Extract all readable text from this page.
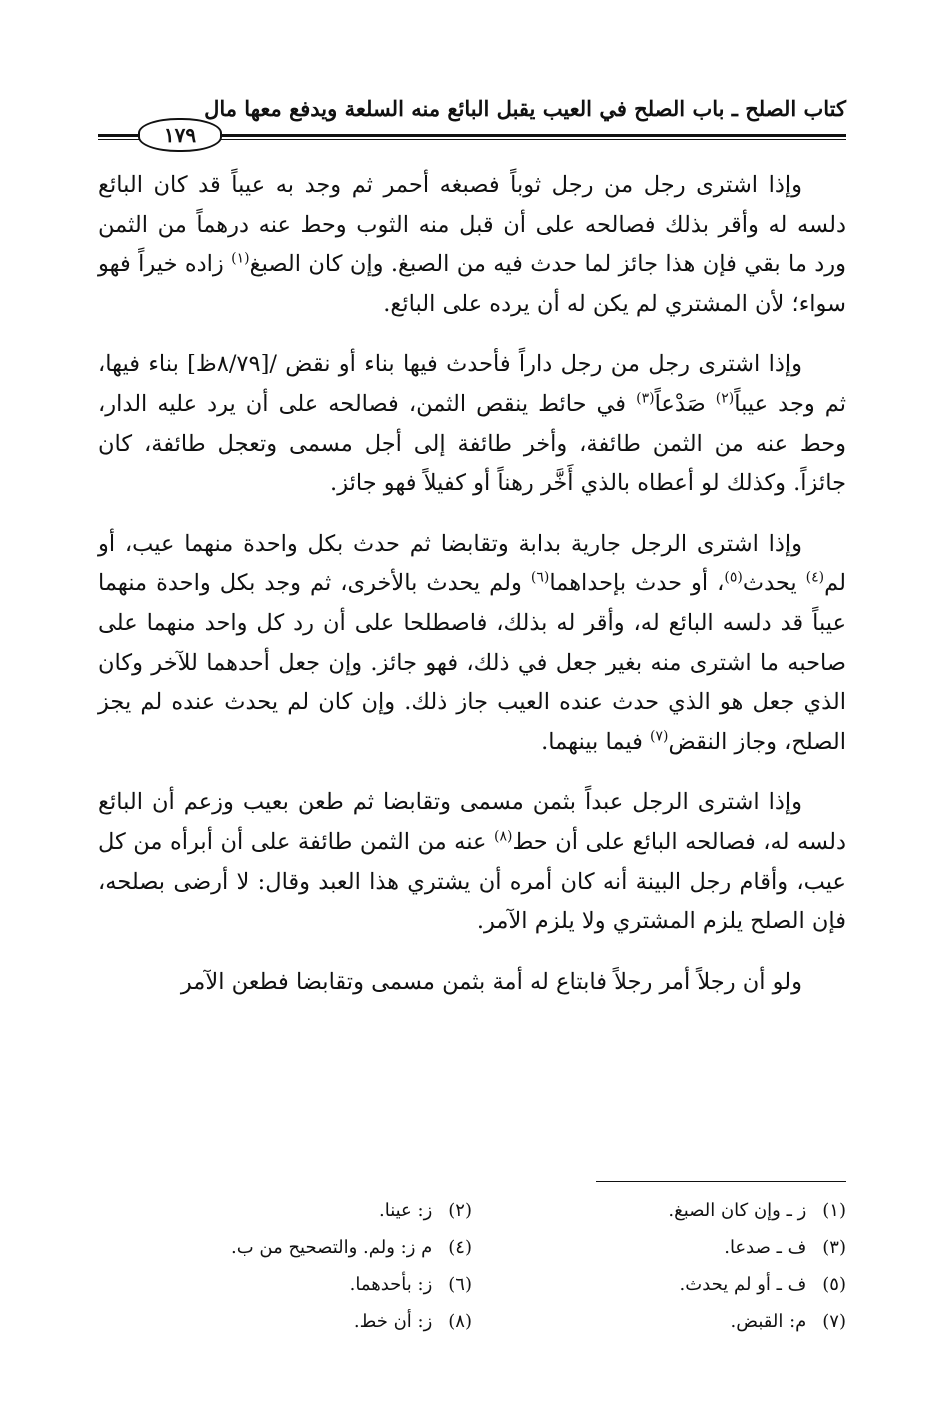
كتاب الصلح ـ باب الصلح في العيب يقبل البائع منه السلعة ويدفع معها مال
١٧٩

وإذا اشترى رجل من رجل ثوباً فصبغه أحمر ثم وجد به عيباً قد كان البائع دلسه له وأقر بذلك فصالحه على أن قبل منه الثوب وحط عنه درهماً من الثمن ورد ما بقي فإن هذا جائز لما حدث فيه من الصبغ. وإن كان الصبغ$^{(١)}$ زاده خيراً فهو سواء؛ لأن المشتري لم يكن له أن يرده على البائع.

وإذا اشترى رجل من رجل داراً فأحدث فيها بناء أو نقض /[٨/٧٩ظ] بناء فيها، ثم وجد عيباً$^{(٢)}$ صَدْعاً$^{(٣)}$ في حائط ينقص الثمن، فصالحه على أن يرد عليه الدار، وحط عنه من الثمن طائفة، وأخر طائفة إلى أجل مسمى وتعجل طائفة، كان جائزاً. وكذلك لو أعطاه بالذي أَخَّر رهناً أو كفيلاً فهو جائز.

وإذا اشترى الرجل جارية بدابة وتقابضا ثم حدث بكل واحدة منهما عيب، أو لم$^{(٤)}$ يحدث$^{(٥)}$، أو حدث بإحداهما$^{(٦)}$ ولم يحدث بالأخرى، ثم وجد بكل واحدة منهما عيباً قد دلسه البائع له، وأقر له بذلك، فاصطلحا على أن رد كل واحد منهما على صاحبه ما اشترى منه بغير جعل في ذلك، فهو جائز. وإن جعل أحدهما للآخر وكان الذي جعل هو الذي حدث عنده العيب جاز ذلك. وإن كان لم يحدث عنده لم يجز الصلح، وجاز النقض$^{(٧)}$ فيما بينهما.

وإذا اشترى الرجل عبداً بثمن مسمى وتقابضا ثم طعن بعيب وزعم أن البائع دلسه له، فصالحه البائع على أن حط$^{(٨)}$ عنه من الثمن طائفة على أن أبرأه من كل عيب، وأقام رجل البينة أنه كان أمره أن يشتري هذا العبد وقال: لا أرضى بصلحه، فإن الصلح يلزم المشتري ولا يلزم الآمر.

ولو أن رجلاً أمر رجلاً فابتاع له أمة بثمن مسمى وتقابضا فطعن الآمر

(١) ز ـ وإن كان الصبغ.
(٢) ز: عينا.
(٣) ف ـ صدعا.
(٤) م ز: ولم. والتصحيح من ب.
(٥) ف ـ أو لم يحدث.
(٦) ز: بأحدهما.
(٧) م: القبض.
(٨) ز: أن خط.
